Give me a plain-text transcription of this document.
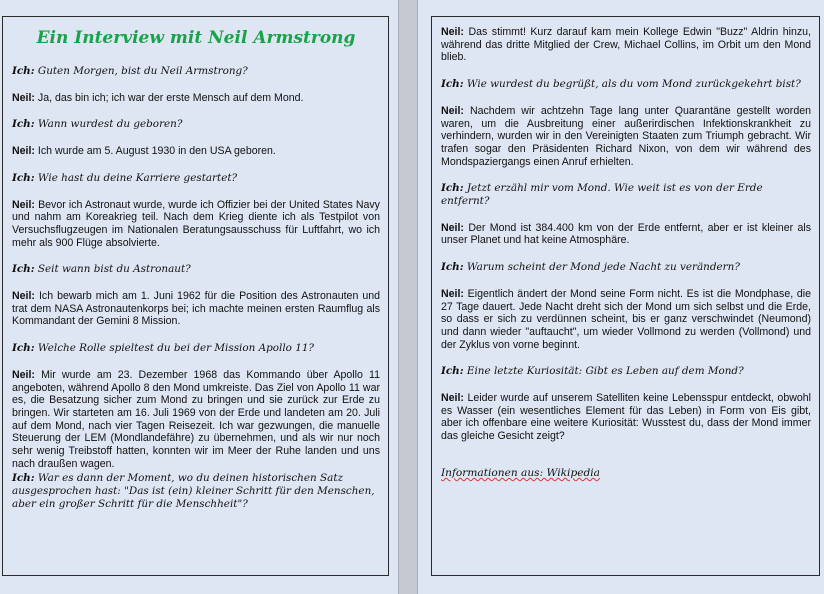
Ein Interview mit Neil Armstrong
Ich: Guten Morgen, bist du Neil Armstrong?
Neil: Ja, das bin ich; ich war der erste Mensch auf dem Mond.
Ich: Wann wurdest du geboren?
Neil: Ich wurde am 5. August 1930 in den USA geboren.
Ich: Wie hast du deine Karriere gestartet?
Neil: Bevor ich Astronaut wurde, wurde ich Offizier bei der United States Navy und nahm am Koreakrieg teil. Nach dem Krieg diente ich als Testpilot von Versuchsflugzeugen im Nationalen Beratungsausschuss für Luftfahrt, wo ich mehr als 900 Flüge absolvierte.
Ich: Seit wann bist du Astronaut?
Neil: Ich bewarb mich am 1. Juni 1962 für die Position des Astronauten und trat dem NASA Astronautenkorps bei; ich machte meinen ersten Raumflug als Kommandant der Gemini 8 Mission.
Ich: Welche Rolle spieltest du bei der Mission Apollo 11?
Neil: Mir wurde am 23. Dezember 1968 das Kommando über Apollo 11 angeboten, während Apollo 8 den Mond umkreiste. Das Ziel von Apollo 11 war es, die Besatzung sicher zum Mond zu bringen und sie zurück zur Erde zu bringen. Wir starteten am 16. Juli 1969 von der Erde und landeten am 20. Juli auf dem Mond, nach vier Tagen Reisezeit. Ich war gezwungen, die manuelle Steuerung der LEM (Mondlandefähre) zu übernehmen, und als wir nur noch sehr wenig Treibstoff hatten, konnten wir im Meer der Ruhe landen und uns nach draußen wagen.
Ich: War es dann der Moment, wo du deinen historischen Satz ausgesprochen hast: "Das ist (ein) kleiner Schritt für den Menschen, aber ein großer Schritt für die Menschheit"?
Neil: Das stimmt! Kurz darauf kam mein Kollege Edwin "Buzz" Aldrin hinzu, während das dritte Mitglied der Crew, Michael Collins, im Orbit um den Mond blieb.
Ich: Wie wurdest du begrüßt, als du vom Mond zurückgekehrt bist?
Neil: Nachdem wir achtzehn Tage lang unter Quarantäne gestellt worden waren, um die Ausbreitung einer außerirdischen Infektionskrankheit zu verhindern, wurden wir in den Vereinigten Staaten zum Triumph gebracht. Wir trafen sogar den Präsidenten Richard Nixon, von dem wir während des Mondspaziergangs einen Anruf erhielten.
Ich: Jetzt erzähl mir vom Mond. Wie weit ist es von der Erde entfernt?
Neil: Der Mond ist 384.400 km von der Erde entfernt, aber er ist kleiner als unser Planet und hat keine Atmosphäre.
Ich: Warum scheint der Mond jede Nacht zu verändern?
Neil: Eigentlich ändert der Mond seine Form nicht. Es ist die Mondphase, die 27 Tage dauert. Jede Nacht dreht sich der Mond um sich selbst und die Erde, so dass er sich zu verdünnen scheint, bis er ganz verschwindet (Neumond) und dann wieder "auftaucht", um wieder Vollmond zu werden (Vollmond) und der Zyklus von vorne beginnt.
Ich: Eine letzte Kuriosität: Gibt es Leben auf dem Mond?
Neil: Leider wurde auf unserem Satelliten keine Lebensspur entdeckt, obwohl es Wasser (ein wesentliches Element für das Leben) in Form von Eis gibt, aber ich offenbare eine weitere Kuriosität: Wusstest du, dass der Mond immer das gleiche Gesicht zeigt?
Informationen aus: Wikipedia
